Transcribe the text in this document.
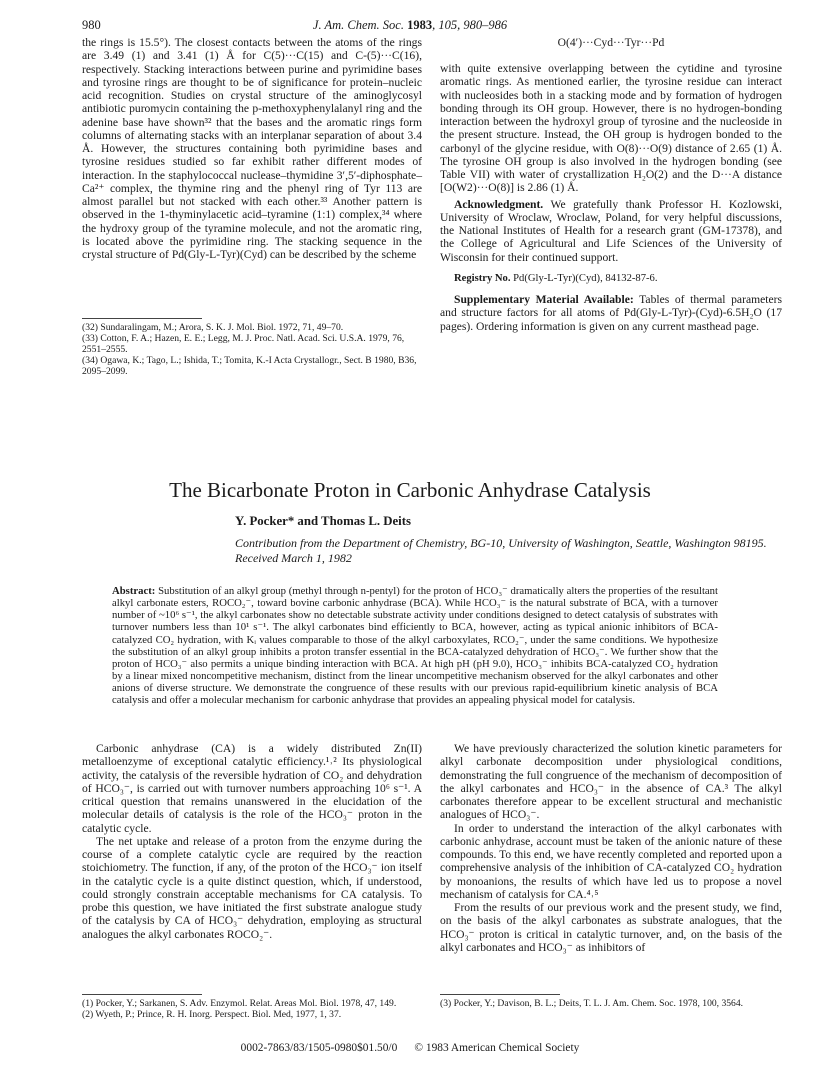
980	J. Am. Chem. Soc. 1983, 105, 980–986

the rings is 15.5°). The closest contacts between the atoms of the rings are 3.49 (1) and 3.41 (1) Å for C(5)···C(15) and C-(5)···C(16), respectively. Stacking interactions between purine and pyrimidine bases and tyrosine rings are thought to be of significance for protein–nucleic acid recognition. Studies on crystal structure of the aminoglycosyl antibiotic puromycin containing the p-methoxyphenylalanyl ring and the adenine base have shown³² that the bases and the aromatic rings form columns of alternating stacks with an interplanar separation of about 3.4 Å. However, the structures containing both pyrimidine bases and tyrosine residues studied so far exhibit rather different modes of interaction. In the staphylococcal nuclease–thymidine 3′,5′-diphosphate–Ca²⁺ complex, the thymine ring and the phenyl ring of Tyr 113 are almost parallel but not stacked with each other.³³ Another pattern is observed in the 1-thyminylacetic acid–tyramine (1:1) complex,³⁴ where the hydroxy group of the tyramine molecule, and not the aromatic ring, is located above the pyrimidine ring. The stacking sequence in the crystal structure of Pd(Gly-L-Tyr)(Cyd) can be described by the scheme

(32) Sundaralingam, M.; Arora, S. K. J. Mol. Biol. 1972, 71, 49–70.
(33) Cotton, F. A.; Hazen, E. E.; Legg, M. J. Proc. Natl. Acad. Sci. U.S.A. 1979, 76, 2551–2555.
(34) Ogawa, K.; Tago, L.; Ishida, T.; Tomita, K.-I Acta Crystallogr., Sect. B 1980, B36, 2095–2099.
O(4′)···Cyd···Tyr···Pd

with quite extensive overlapping between the cytidine and tyrosine aromatic rings. As mentioned earlier, the tyrosine residue can interact with nucleosides both in a stacking mode and by formation of hydrogen bonding through its OH group. However, there is no hydrogen-bonding interaction between the hydroxyl group of tyrosine and the nucleoside in the present structure. Instead, the OH group is hydrogen bonded to the carbonyl of the glycine residue, with O(8)···O(9) distance of 2.65 (1) Å. The tyrosine OH group is also involved in the hydrogen bonding (see Table VII) with water of crystallization H₂O(2) and the D···A distance [O(W2)···O(8)] is 2.86 (1) Å.

Acknowledgment. We gratefully thank Professor H. Kozlowski, University of Wroclaw, Wroclaw, Poland, for very helpful discussions, the National Institutes of Health for a research grant (GM-17378), and the College of Agricultural and Life Sciences of the University of Wisconsin for their continued support.

Registry No. Pd(Gly-L-Tyr)(Cyd), 84132-87-6.

Supplementary Material Available: Tables of thermal parameters and structure factors for all atoms of Pd(Gly-L-Tyr)-(Cyd)-6.5H₂O (17 pages). Ordering information is given on any current masthead page.

The Bicarbonate Proton in Carbonic Anhydrase Catalysis
Y. Pocker* and Thomas L. Deits
Contribution from the Department of Chemistry, BG-10, University of Washington, Seattle, Washington 98195. Received March 1, 1982
Abstract: Substitution of an alkyl group (methyl through n-pentyl) for the proton of HCO₃⁻ dramatically alters the properties of the resultant alkyl carbonate esters, ROCO₂⁻, toward bovine carbonic anhydrase (BCA). While HCO₃⁻ is the natural substrate of BCA, with a turnover number of ~10⁶ s⁻¹, the alkyl carbonates show no detectable substrate activity under conditions designed to detect catalysis of substrates with turnover numbers less than 10¹ s⁻¹. The alkyl carbonates bind efficiently to BCA, however, acting as typical anionic inhibitors of BCA-catalyzed CO₂ hydration, with Kᵢ values comparable to those of the alkyl carboxylates, RCO₂⁻, under the same conditions. We hypothesize the substitution of an alkyl group inhibits a proton transfer essential in the BCA-catalyzed dehydration of HCO₃⁻. We further show that the proton of HCO₃⁻ also permits a unique binding interaction with BCA. At high pH (pH 9.0), HCO₃⁻ inhibits BCA-catalyzed CO₂ hydration by a linear mixed noncompetitive mechanism, distinct from the linear uncompetitive mechanism observed for the alkyl carbonates and other anions of diverse structure. We demonstrate the congruence of these results with our previous rapid-equilibrium kinetic analysis of BCA catalysis and offer a molecular mechanism for carbonic anhydrase that provides an appealing physical model for catalysis.

Carbonic anhydrase (CA) is a widely distributed Zn(II) metalloenzyme of exceptional catalytic efficiency.¹˒² Its physiological activity, the catalysis of the reversible hydration of CO₂ and dehydration of HCO₃⁻, is carried out with turnover numbers approaching 10⁶ s⁻¹. A critical question that remains unanswered in the elucidation of the molecular details of catalysis is the role of the HCO₃⁻ proton in the catalytic cycle.

The net uptake and release of a proton from the enzyme during the course of a complete catalytic cycle are required by the reaction stoichiometry. The function, if any, of the proton of the HCO₃⁻ ion itself in the catalytic cycle is a quite distinct question, which, if understood, could strongly constrain acceptable mechanisms for CA catalysis. To probe this question, we have initiated the first substrate analogue study of the catalysis by CA of HCO₃⁻ dehydration, employing as structural analogues the alkyl carbonates ROCO₂⁻.

(1) Pocker, Y.; Sarkanen, S. Adv. Enzymol. Relat. Areas Mol. Biol. 1978, 47, 149.
(2) Wyeth, P.; Prince, R. H. Inorg. Perspect. Biol. Med, 1977, 1, 37.

We have previously characterized the solution kinetic parameters for alkyl carbonate decomposition under physiological conditions, demonstrating the full congruence of the mechanism of decomposition of the alkyl carbonates and HCO₃⁻ in the absence of CA.³ The alkyl carbonates therefore appear to be excellent structural and mechanistic analogues of HCO₃⁻.

In order to understand the interaction of the alkyl carbonates with carbonic anhydrase, account must be taken of the anionic nature of these compounds. To this end, we have recently completed and reported upon a comprehensive analysis of the inhibition of CA-catalyzed CO₂ hydration by monoanions, the results of which have led us to propose a novel mechanism of catalysis for CA.⁴˒⁵

From the results of our previous work and the present study, we find, on the basis of the alkyl carbonates as substrate analogues, that the HCO₃⁻ proton is critical in catalytic turnover, and, on the basis of the alkyl carbonates and HCO₃⁻ as inhibitors of

(3) Pocker, Y.; Davison, B. L.; Deits, T. L. J. Am. Chem. Soc. 1978, 100, 3564.
0002-7863/83/1505-0980$01.50/0 © 1983 American Chemical Society
